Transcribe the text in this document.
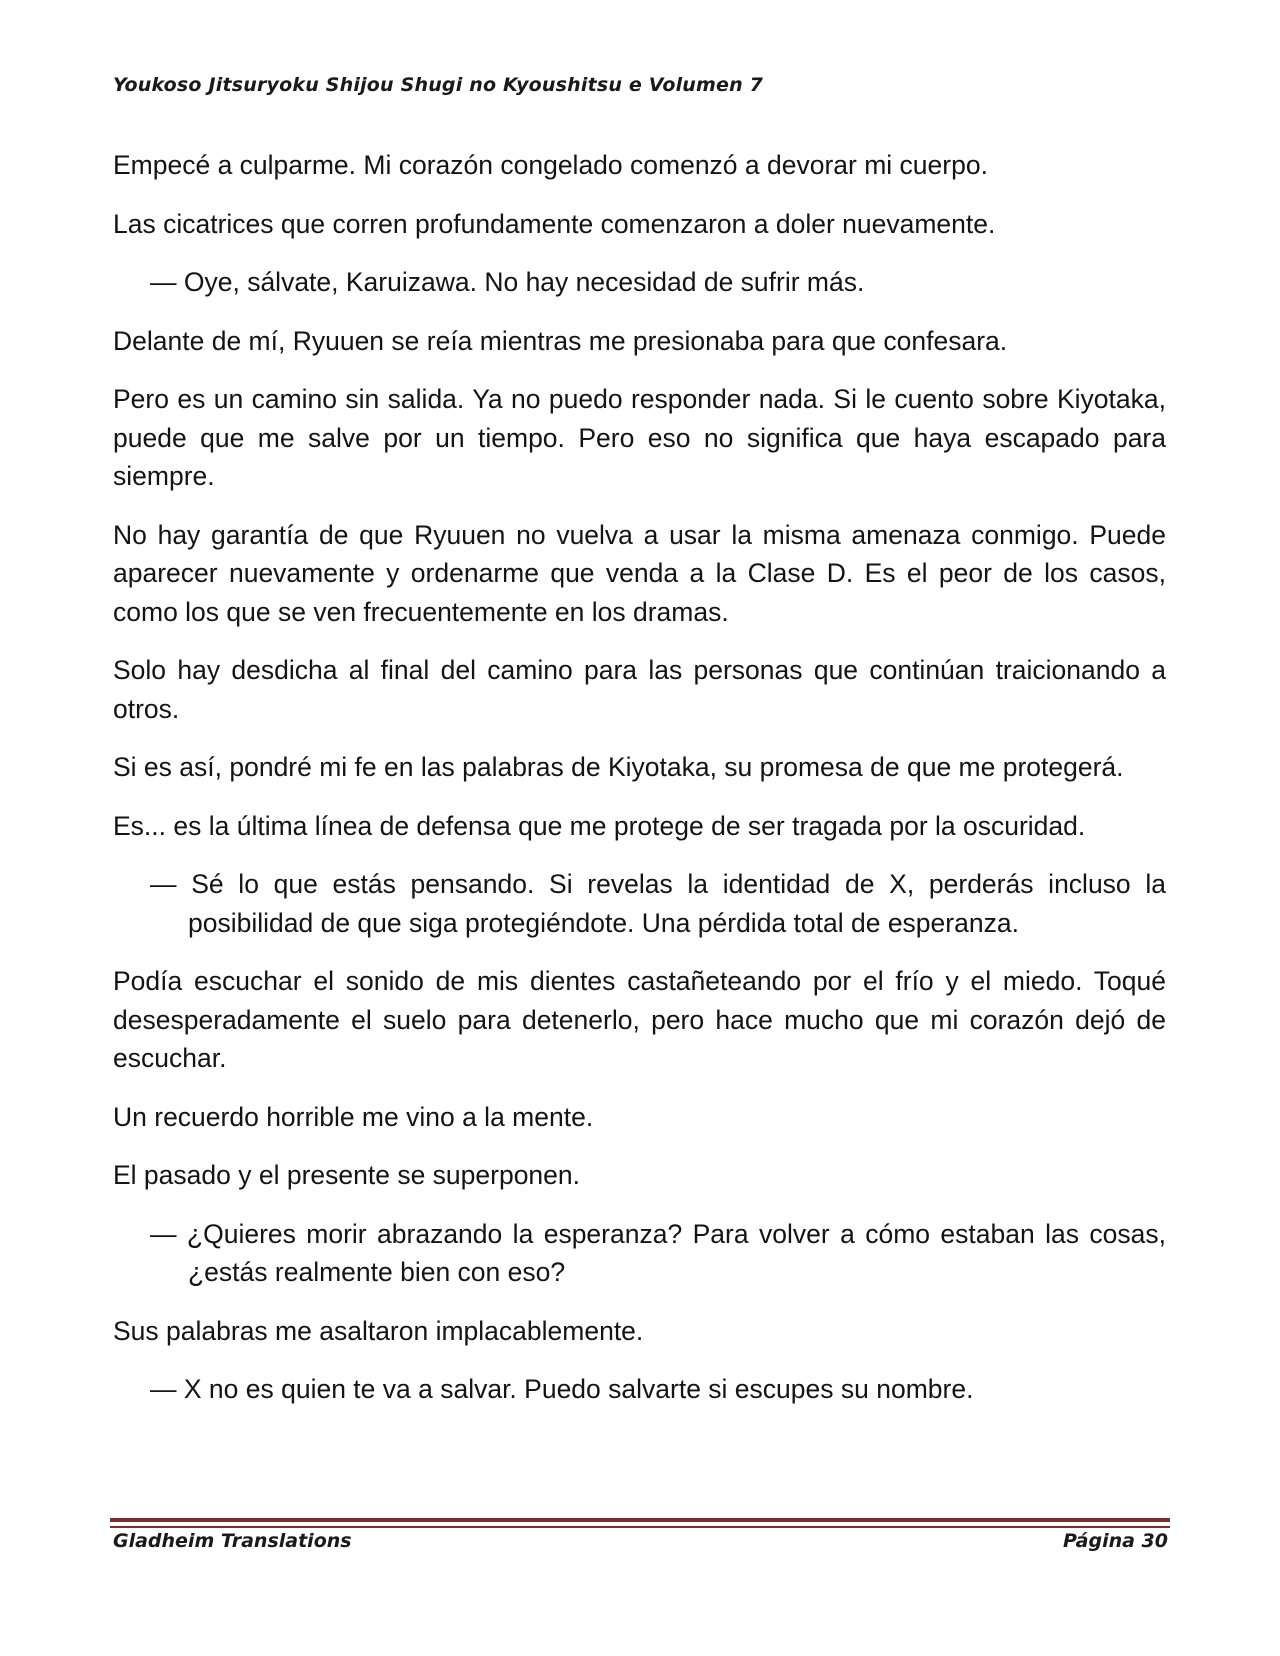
Youkoso Jitsuryoku Shijou Shugi no Kyoushitsu e Volumen 7

Empecé a culparme. Mi corazón congelado comenzó a devorar mi cuerpo.

Las cicatrices que corren profundamente comenzaron a doler nuevamente.

— Oye, sálvate, Karuizawa. No hay necesidad de sufrir más.

Delante de mí, Ryuuen se reía mientras me presionaba para que confesara.

Pero es un camino sin salida. Ya no puedo responder nada. Si le cuento sobre Kiyotaka, puede que me salve por un tiempo. Pero eso no significa que haya escapado para siempre.

No hay garantía de que Ryuuen no vuelva a usar la misma amenaza conmigo. Puede aparecer nuevamente y ordenarme que venda a la Clase D. Es el peor de los casos, como los que se ven frecuentemente en los dramas.

Solo hay desdicha al final del camino para las personas que continúan traicionando a otros.

Si es así, pondré mi fe en las palabras de Kiyotaka, su promesa de que me protegerá.

Es... es la última línea de defensa que me protege de ser tragada por la oscuridad.

— Sé lo que estás pensando. Si revelas la identidad de X, perderás incluso la posibilidad de que siga protegiéndote. Una pérdida total de esperanza.

Podía escuchar el sonido de mis dientes castañeteando por el frío y el miedo. Toqué desesperadamente el suelo para detenerlo, pero hace mucho que mi corazón dejó de escuchar.

Un recuerdo horrible me vino a la mente.

El pasado y el presente se superponen.

— ¿Quieres morir abrazando la esperanza? Para volver a cómo estaban las cosas, ¿estás realmente bien con eso?

Sus palabras me asaltaron implacablemente.

— X no es quien te va a salvar. Puedo salvarte si escupes su nombre.

Gladheim Translations	Página 30
